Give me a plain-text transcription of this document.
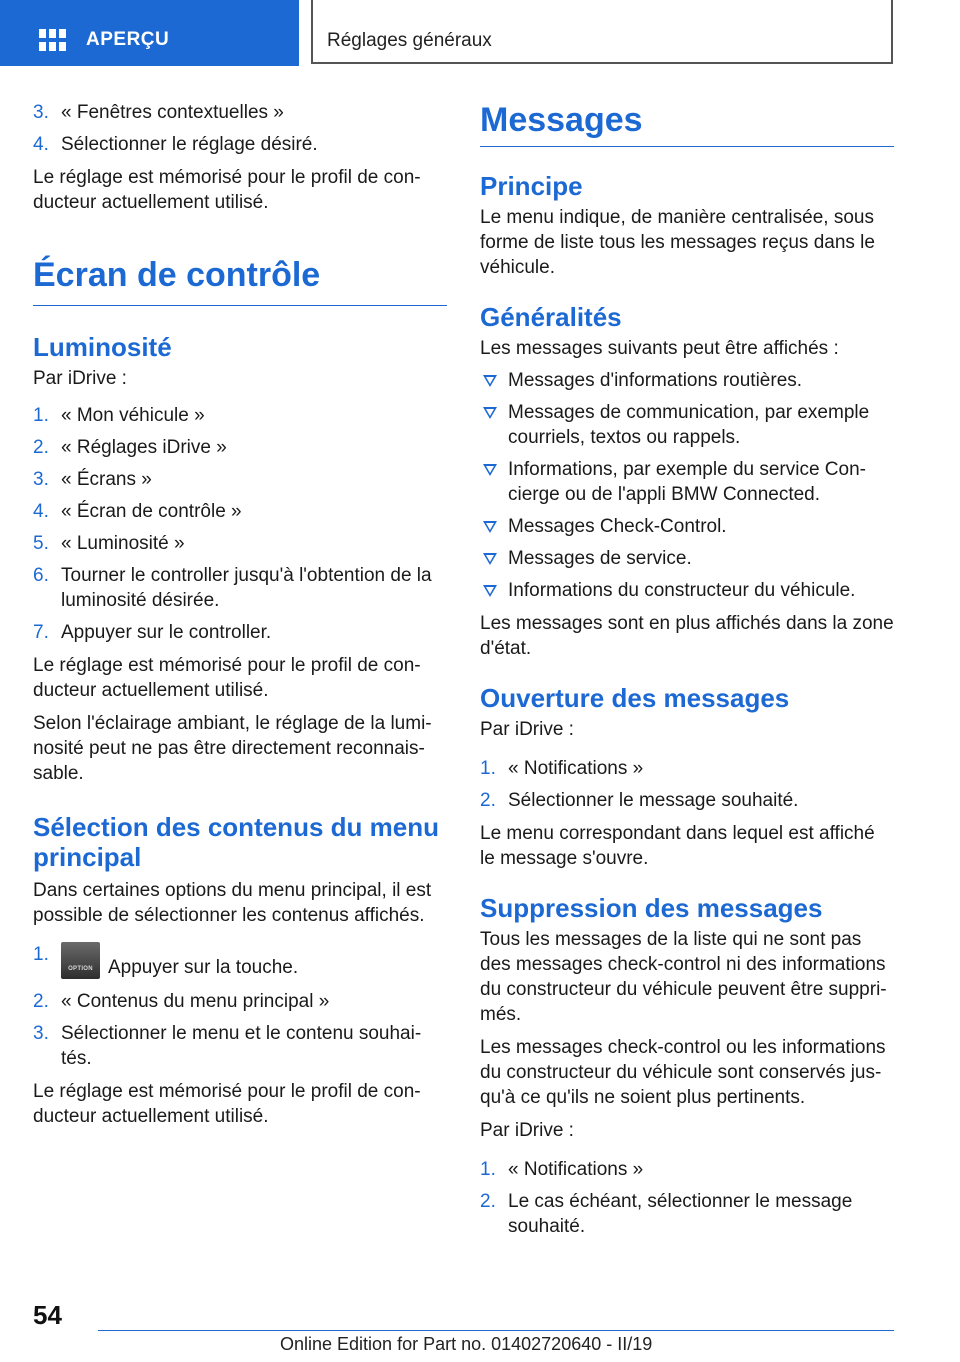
APERÇU	Réglages généraux
3. « Fenêtres contextuelles »
4. Sélectionner le réglage désiré.

Le réglage est mémorisé pour le profil de con‐ ducteur actuellement utilisé.

Écran de contrôle
Luminosité

Par iDrive :

1. « Mon véhicule »
2. « Réglages iDrive »
3. « Écrans »
4. « Écran de contrôle »
5. « Luminosité »
6. Tourner le controller jusqu'à l'obtention de la luminosité désirée.
7. Appuyer sur le controller.

Le réglage est mémorisé pour le profil de con‐ ducteur actuellement utilisé.

Selon l'éclairage ambiant, le réglage de la lumi‐ nosité peut ne pas être directement reconnais‐ sable.

Sélection des contenus du menu principal

Dans certaines options du menu principal, il est possible de sélectionner les contenus affichés.

1.
OPTION Appuyer sur la touche.
2. « Contenus du menu principal »
3. Sélectionner le menu et le contenu souhai‐ tés.

Le réglage est mémorisé pour le profil de con‐ ducteur actuellement utilisé.

Messages
Principe

Le menu indique, de manière centralisée, sous forme de liste tous les messages reçus dans le véhicule.

Généralités

Les messages suivants peut être affichés :

Messages d'informations routières.
Messages de communication, par exemple courriels, textos ou rappels.
Informations, par exemple du service Con‐ cierge ou de l'appli BMW Connected.
Messages Check-Control.
Messages de service.
Informations du constructeur du véhicule.

Les messages sont en plus affichés dans la zone d'état.

Ouverture des messages

Par iDrive :

1. « Notifications »
2. Sélectionner le message souhaité.

Le menu correspondant dans lequel est affiché le message s'ouvre.

Suppression des messages

Tous les messages de la liste qui ne sont pas des messages check-control ni des informations du constructeur du véhicule peuvent être suppri‐ més.

Les messages check-control ou les informations du constructeur du véhicule sont conservés jus‐ qu'à ce qu'ils ne soient plus pertinents.

Par iDrive :

1. « Notifications »
2. Le cas échéant, sélectionner le message souhaité.
54
Online Edition for Part no. 01402720640 - II/19
